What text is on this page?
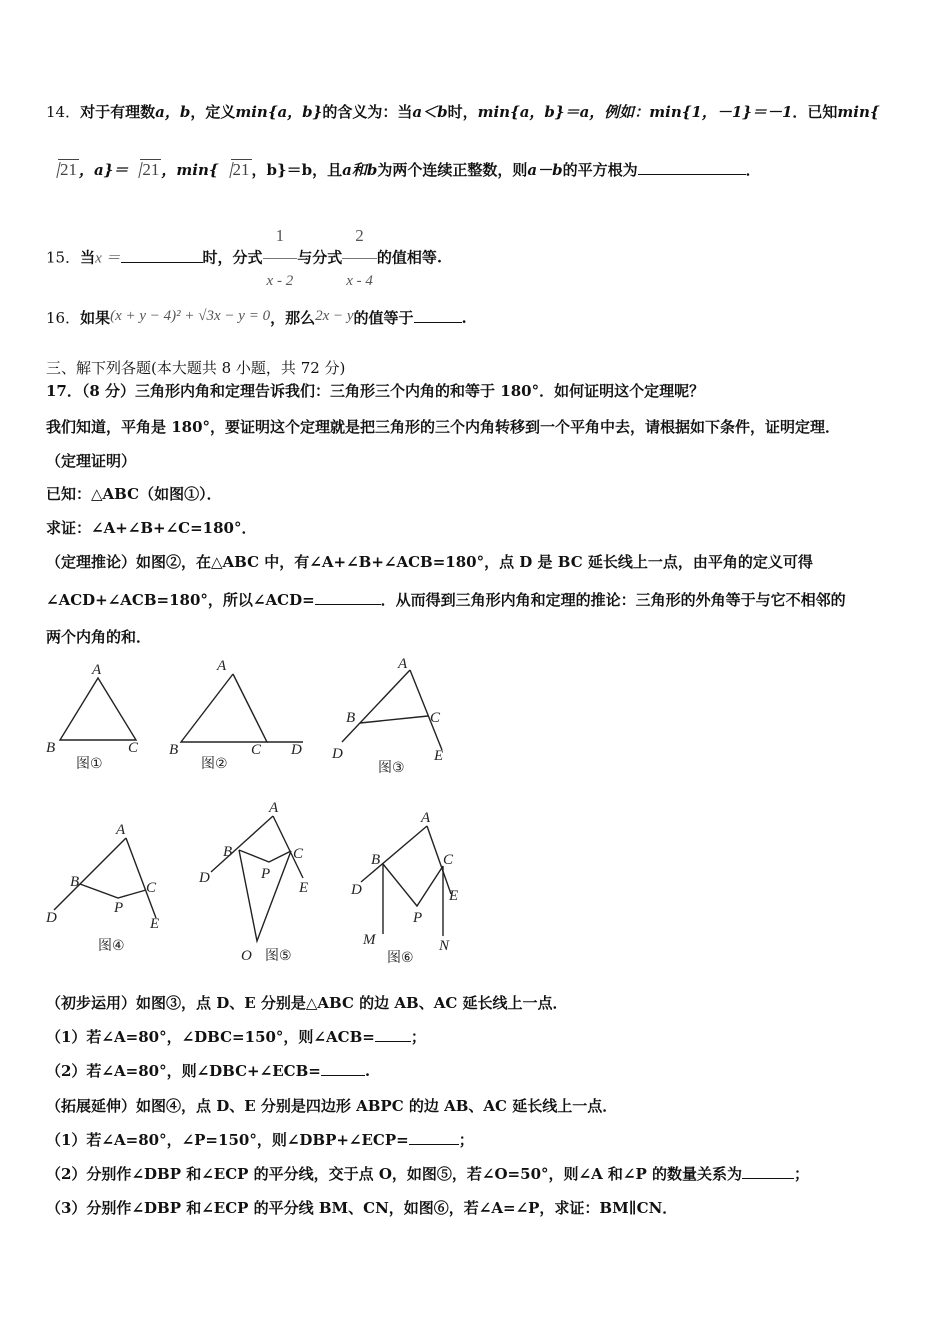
14．对于有理数a，b，定义min{a，b}的含义为：当a＜b时，min{a，b}＝a，例如：min{1，－1}＝－1．已知min{
21 ，a}＝ 21 ，min{ 21 ，b}＝b，且a和b为两个连续正整数，则a－b的平方根为	．
15．当x ＝	时，分式 $\frac{1}{x - 2}$ 与分式 $\frac{2}{x - 4}$ 的值相等.
16．如果(x + y − 4)² + √3x − y = 0，那么2x − y的值等于	.
三、解下列各题(本大题共 8 小题，共 72 分)
17．（8 分）三角形内角和定理告诉我们：三角形三个内角的和等于 180°．如何证明这个定理呢？
我们知道，平角是 180°，要证明这个定理就是把三角形的三个内角转移到一个平角中去，请根据如下条件，证明定理．
（定理证明）
已知：△ABC（如图①）．
求证：∠A+∠B+∠C=180°．
（定理推论）如图②，在△ABC 中，有∠A+∠B+∠ACB=180°，点 D 是 BC 延长线上一点，由平角的定义可得
∠ACD+∠ACB=180°，所以∠ACD=	．从而得到三角形内角和定理的推论：三角形的外角等于与它不相邻的
两个内角的和．
A
B	C
图①
A
B	C D
图②
A
B	C
D	E
图③
A
B	C
P
D	E
图④
A
B	C
P
D
E
O 图⑤
A
B	C
D	E
P
M	N
图⑥
（初步运用）如图③，点 D、E 分别是△ABC 的边 AB、AC 延长线上一点．
（1）若∠A=80°，∠DBC=150°，则∠ACB= ；
（2）若∠A=80°，则∠DBC+∠ECB=	.
（拓展延伸）如图④，点 D、E 分别是四边形 ABPC 的边 AB、AC 延长线上一点．
（1）若∠A=80°，∠P=150°，则∠DBP+∠ECP=	；
（2）分别作∠DBP 和∠ECP 的平分线，交于点 O，如图⑤，若∠O=50°，则∠A 和∠P 的数量关系为	；
（3）分别作∠DBP 和∠ECP 的平分线 BM、CN，如图⑥，若∠A=∠P，求证：BM∥CN．
